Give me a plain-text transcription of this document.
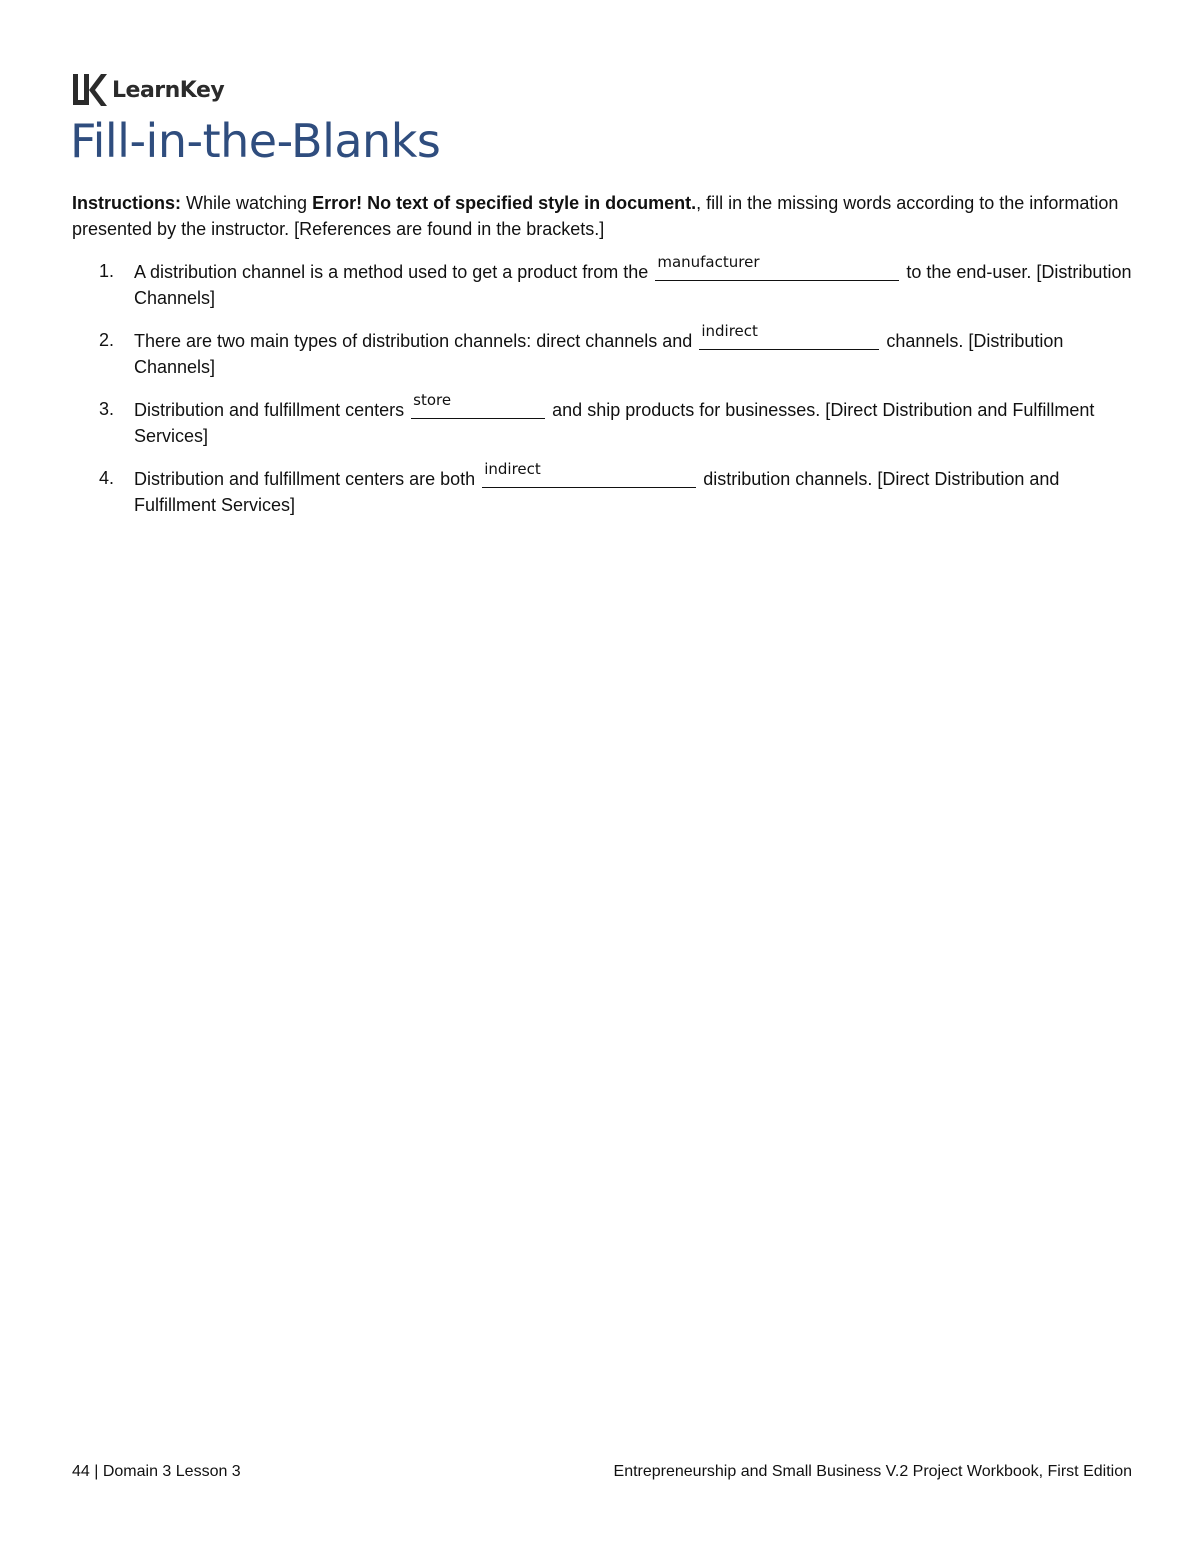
LearnKey
Fill-in-the-Blanks

Instructions: While watching Error! No text of specified style in document., fill in the missing words according to the information presented by the instructor. [References are found in the brackets.]

1. A distribution channel is a method used to get a product from the manufacturer	to the end-user. [Distribution Channels]
2. There are two main types of distribution channels: direct channels and indirect	channels. [Distribution Channels]
3. Distribution and fulfillment centers store	and ship products for businesses. [Direct Distribution and Fulfillment Services]
4. Distribution and fulfillment centers are both indirect	distribution channels. [Direct Distribution and Fulfillment Services]
44 | Domain 3 Lesson 3	Entrepreneurship and Small Business V.2 Project Workbook, First Edition
